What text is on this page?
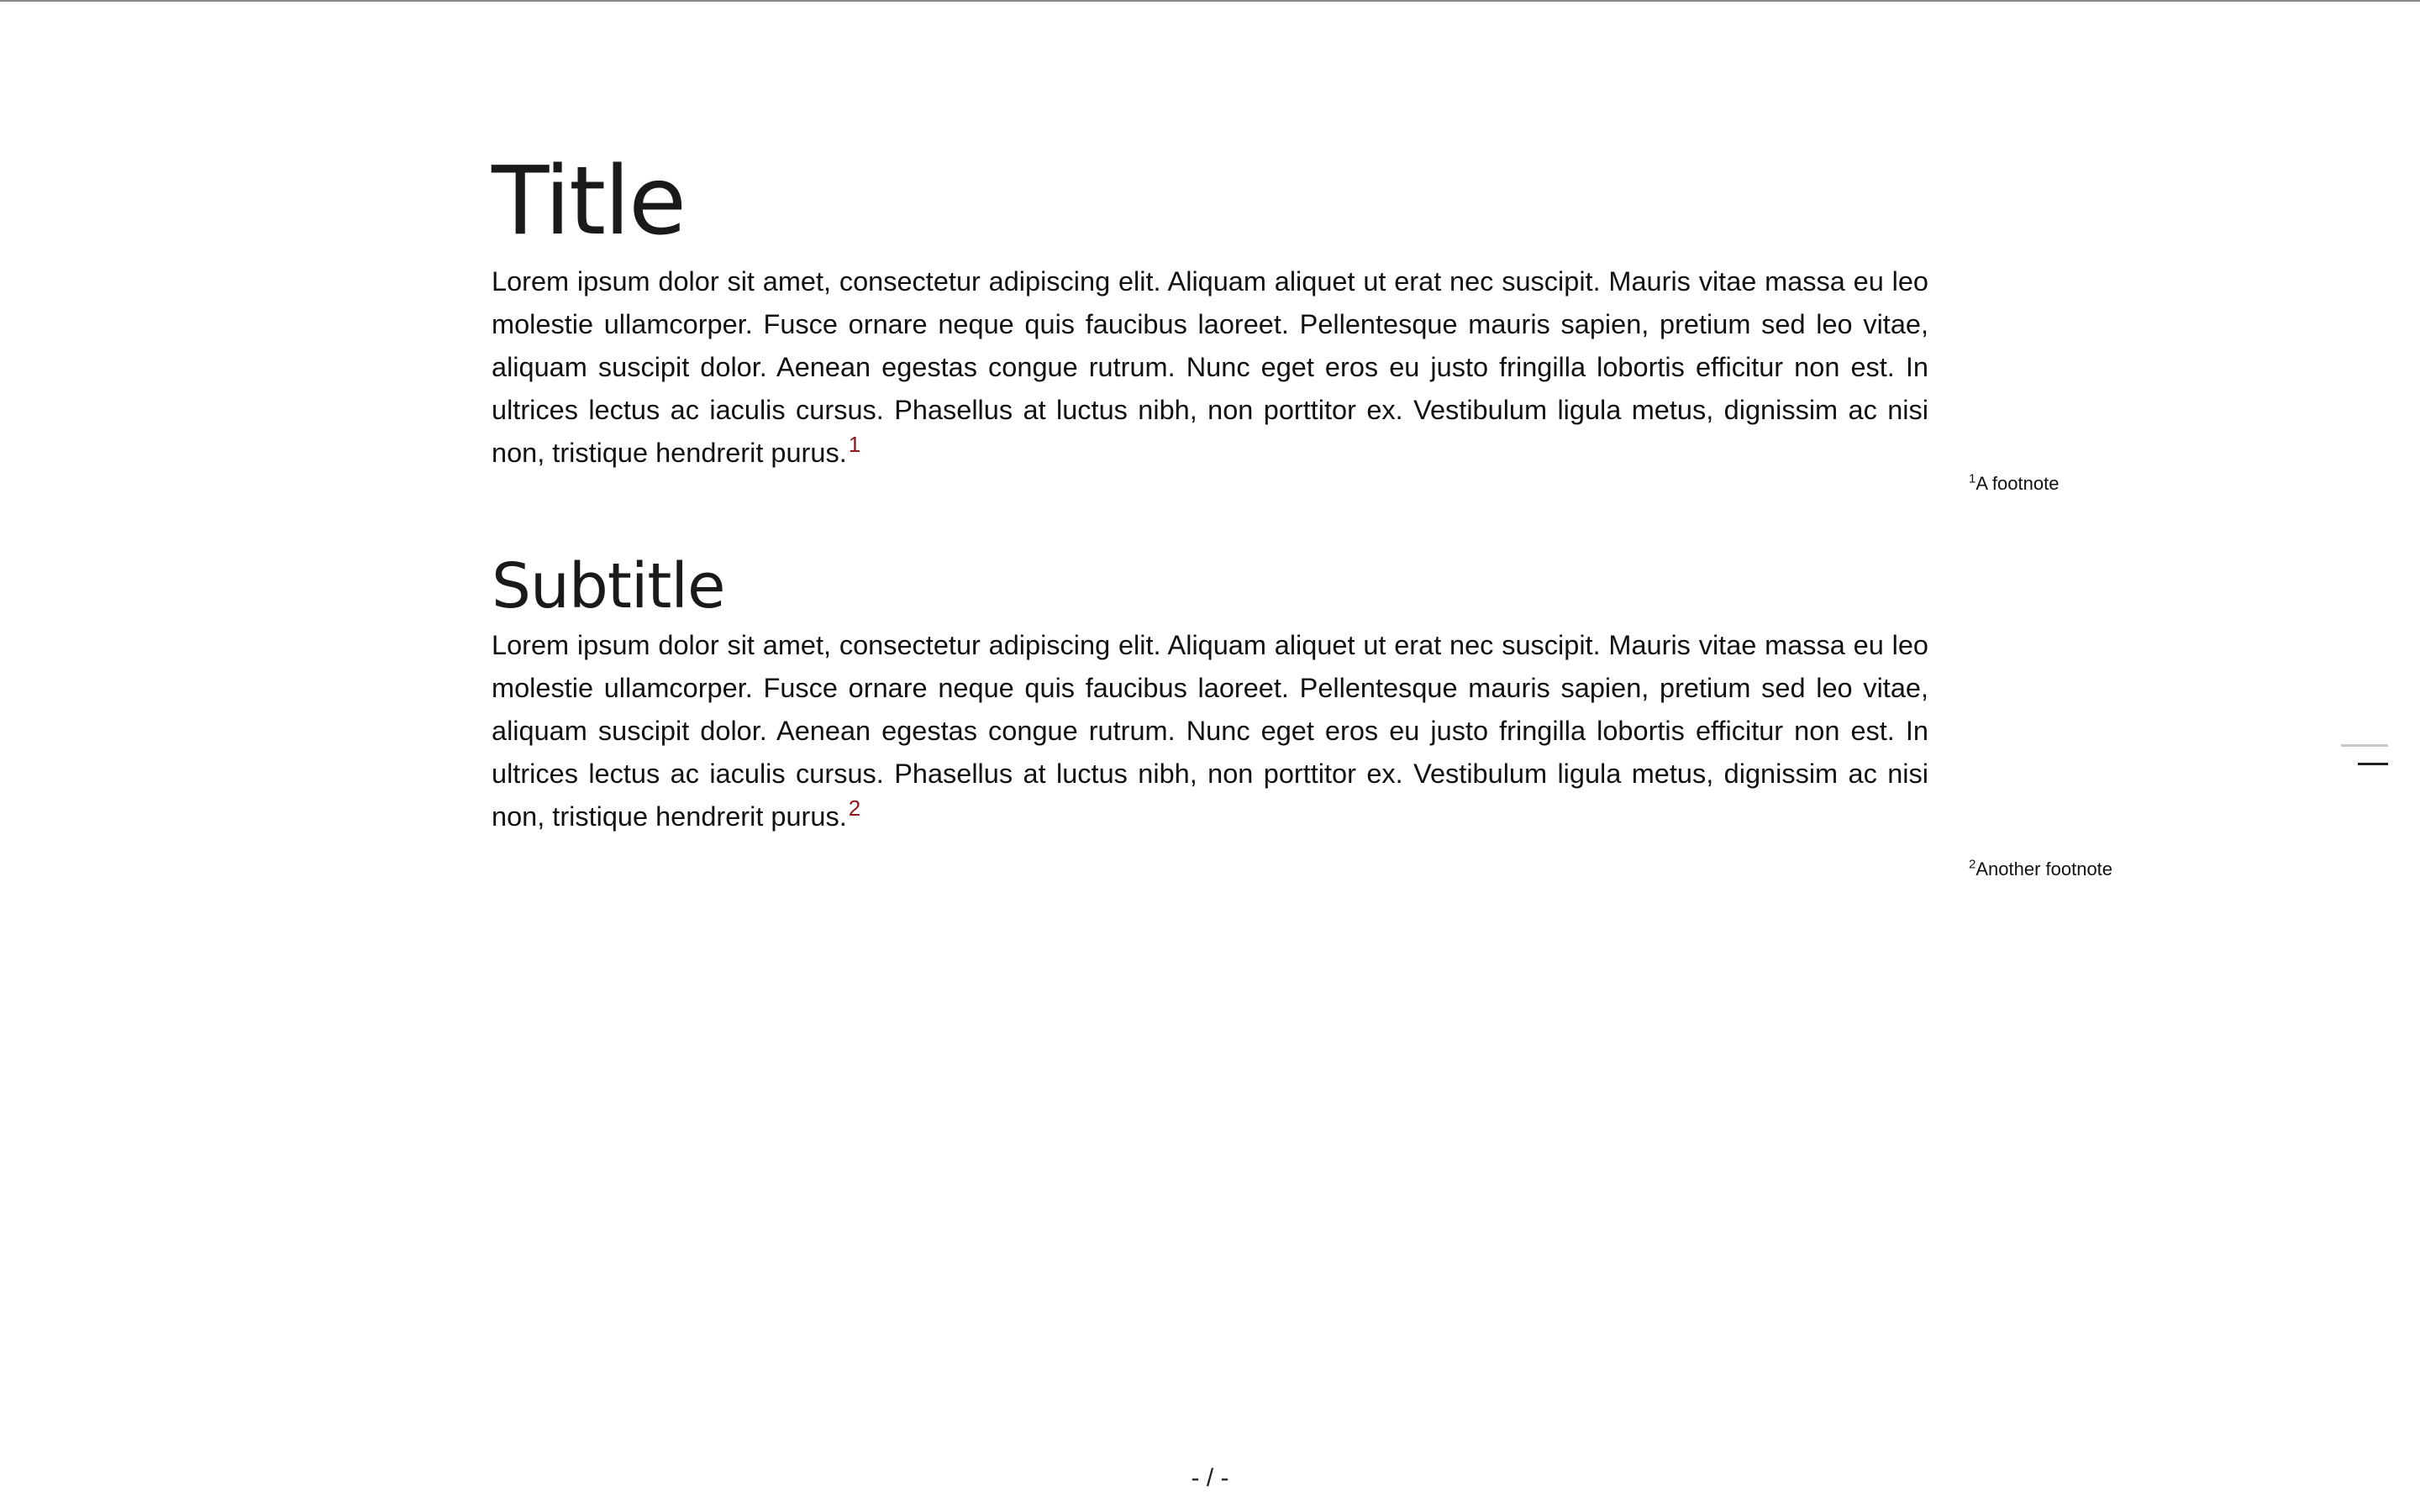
Title

Lorem ipsum dolor sit amet, consectetur adipiscing elit. Aliquam aliquet ut erat nec suscipit. Mauris vitae massa eu leo molestie ullamcorper. Fusce ornare neque quis faucibus laoreet. Pellentesque mauris sapien, pretium sed leo vitae, aliquam suscipit dolor. Aenean egestas congue rutrum. Nunc eget eros eu justo fringilla lobortis efficitur non est. In ultrices lectus ac iaculis cursus. Phasellus at luctus nibh, non porttitor ex. Vestibulum ligula metus, dignissim ac nisi non, tristique hendrerit purus.$^1$

Subtitle

Lorem ipsum dolor sit amet, consectetur adipiscing elit. Aliquam aliquet ut erat nec suscipit. Mauris vitae massa eu leo molestie ullamcorper. Fusce ornare neque quis faucibus laoreet. Pellentesque mauris sapien, pretium sed leo vitae, aliquam suscipit dolor. Aenean egestas congue rutrum. Nunc eget eros eu justo fringilla lobortis efficitur non est. In ultrices lectus ac iaculis cursus. Phasellus at luctus nibh, non porttitor ex. Vestibulum ligula metus, dignissim ac nisi non, tristique hendrerit purus.$^2$

$^1$A footnote
$^2$Another footnote
- / -
